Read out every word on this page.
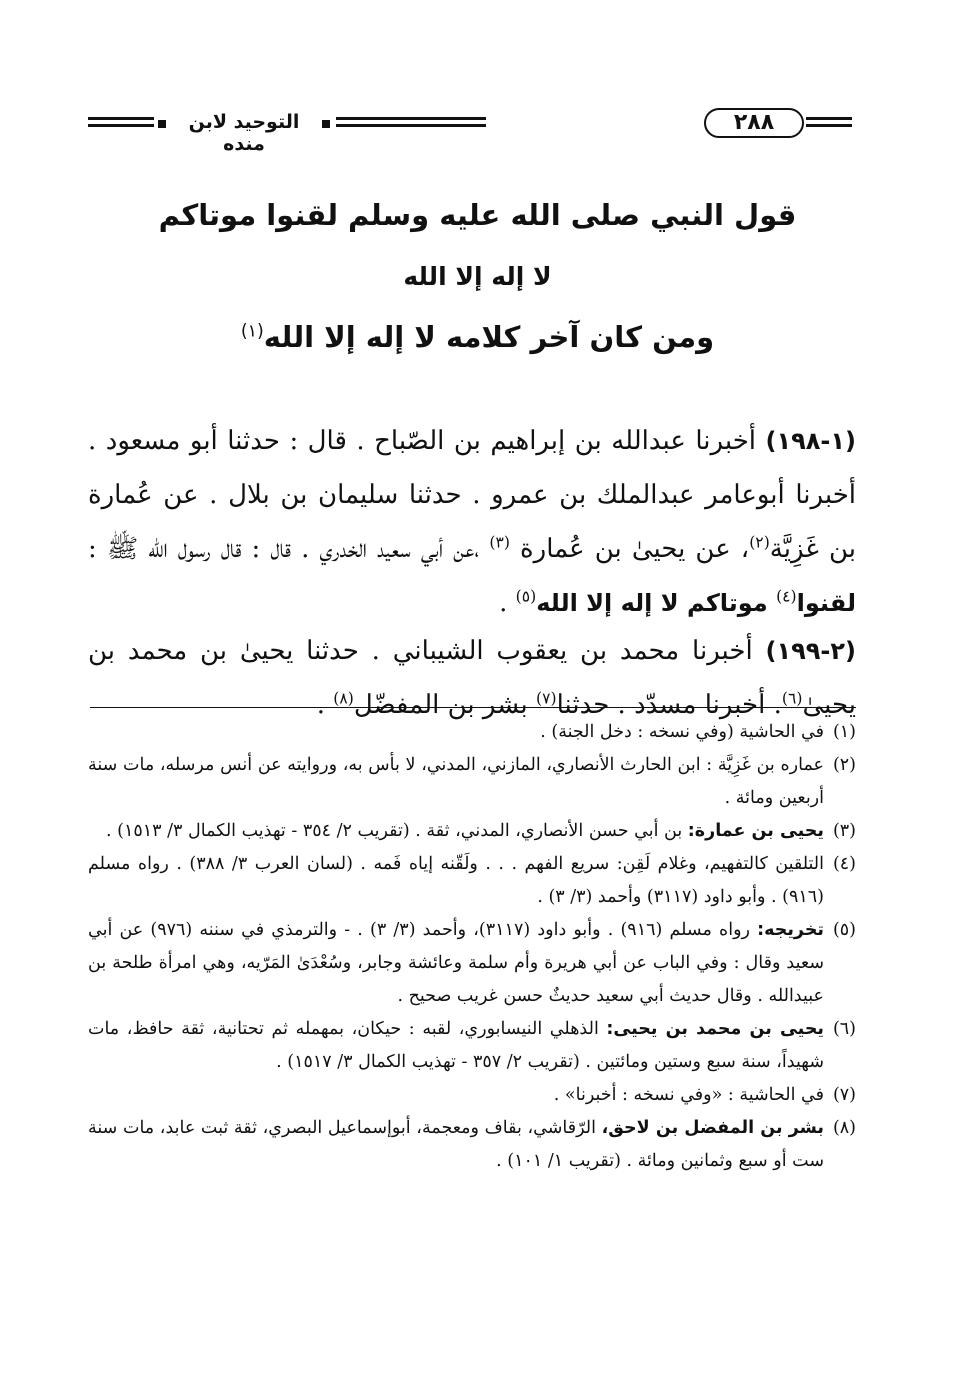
التوحيد لابن منده
٢٨٨
قول النبي صلى الله عليه وسلم لقنوا موتاكم
لا إله إلا الله
ومن كان آخر كلامه لا إله إلا الله$^{(١)}$

(١-١٩٨) أخبرنا عبدالله بن إبراهيم بن الصّباح . قال : حدثنا أبو مسعود . أخبرنا أبوعامر عبدالملك بن عمرو . حدثنا سليمان بن بلال . عن عُمارة بن غَزِيَّة$^{(٢)}$، عن يحيىٰ بن عُمارة $^{(٣)}$ ،عن أبي سعيد الخدري . قال : قال رسول الله ﷺ : لقنوا$^{(٤)}$ موتاكم لا إله إلا الله$^{(٥)}$ .

(٢-١٩٩) أخبرنا محمد بن يعقوب الشيباني . حدثنا يحيىٰ بن محمد بن يحيىٰ$^{(٦)}$. أخبرنا مسدّد . حدثنا$^{(٧)}$ بشر بن المفضّل$^{(٨)}$ .

(١)
في الحاشية (وفي نسخه : دخل الجنة) .

(٢)
عماره بن غَزِيَّة : ابن الحارث الأنصاري، المازني، المدني، لا بأس به، وروايته عن أنس مرسله، مات سنة أربعين ومائة .

(٣)
يحيى بن عمارة: بن أبي حسن الأنصاري، المدني، ثقة . (تقريب ٢/ ٣٥٤ - تهذيب الكمال ٣/ ١٥١٣) .

(٤)
التلقين كالتفهيم، وغلام لَقِن: سريع الفهم . . . ولَقّنه إياه فَمه . (لسان العرب ٣/ ٣٨٨) . رواه مسلم (٩١٦) . وأبو داود (٣١١٧) وأحمد (٣/ ٣) .

(٥)
تخريجه: رواه مسلم (٩١٦) . وأبو داود (٣١١٧)، وأحمد (٣/ ٣) . - والترمذي في سننه (٩٧٦) عن أبي سعيد وقال : وفي الباب عن أبي هريرة وأم سلمة وعائشة وجابر، وسُعْدَىٰ المَرّيه، وهي امرأة طلحة بن عبيدالله . وقال حديث أبي سعيد حديثٌ حسن غريب صحيح .

(٦)
يحيى بن محمد بن يحيى: الذهلي النيسابوري، لقبه : حيكان، بمهمله ثم تحتانية، ثقة حافظ، مات شهيداً، سنة سبع وستين ومائتين . (تقريب ٢/ ٣٥٧ - تهذيب الكمال ٣/ ١٥١٧) .

(٧)
في الحاشية : «وفي نسخه : أخبرنا» .

(٨)
بشر بن المفضل بن لاحق، الرّقاشي، بقاف ومعجمة، أبوإسماعيل البصري، ثقة ثبت عابد، مات سنة ست أو سبع وثمانين ومائة . (تقريب ١/ ١٠١) .
